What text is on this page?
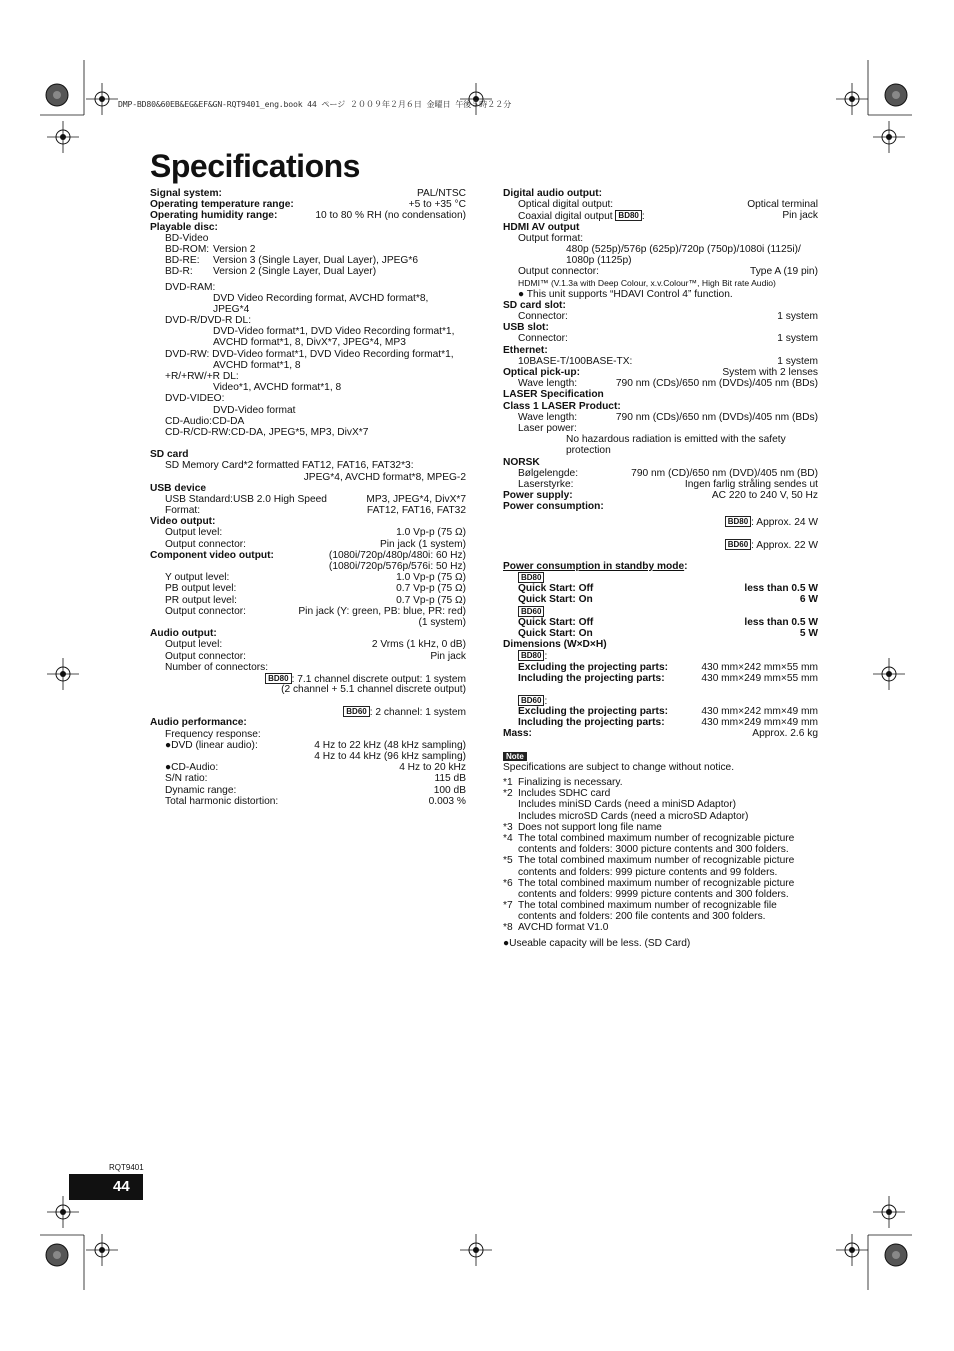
DMP-BD80&60EB&EG&EF&GN-RQT9401_eng.book 44 ページ ２００９年２月６日 金曜日 午後５時２２分
Specifications
Signal system:	PAL/NTSC
Operating temperature range:	+5 to +35 °C
Operating humidity range:	10 to 80 % RH (no condensation)
Playable disc:
BD-Video
BD-ROM: Version 2
BD-RE: Version 3 (Single Layer, Dual Layer), JPEG*6
BD-R: Version 2 (Single Layer, Dual Layer)
DVD-RAM:
DVD Video Recording format, AVCHD format*8,
JPEG*4
DVD-R/DVD-R DL:
DVD-Video format*1, DVD Video Recording format*1,
AVCHD format*1, 8, DivX*7, JPEG*4, MP3
DVD-RW: DVD-Video format*1, DVD Video Recording format*1,
AVCHD format*1, 8
+R/+RW/+R DL:
Video*1, AVCHD format*1, 8
DVD-VIDEO:
DVD-Video format
CD-Audio:CD-DA
CD-R/CD-RW:CD-DA, JPEG*5, MP3, DivX*7
SD card
SD Memory Card*2 formatted FAT12, FAT16, FAT32*3:
JPEG*4, AVCHD format*8, MPEG-2
USB device
USB Standard:USB 2.0 High Speed	MP3, JPEG*4, DivX*7
Format:	FAT12, FAT16, FAT32
Video output:
Output level:	1.0 Vp-p (75 Ω)
Output connector:	Pin jack (1 system)
Component video output:	(1080i/720p/480p/480i: 60 Hz)
(1080i/720p/576p/576i: 50 Hz)
Y output level:	1.0 Vp-p (75 Ω)
PB output level:	0.7 Vp-p (75 Ω)
PR output level:	0.7 Vp-p (75 Ω)
Output connector:	Pin jack (Y: green, PB: blue, PR: red)
(1 system)
Audio output:
Output level:	2 Vrms (1 kHz, 0 dB)
Output connector:	Pin jack
Number of connectors:
BD80 : 7.1 channel discrete output: 1 system
(2 channel + 5.1 channel discrete output)
BD60 : 2 channel: 1 system
Audio performance:
Frequency response:
●DVD (linear audio):	4 Hz to 22 kHz (48 kHz sampling)
4 Hz to 44 kHz (96 kHz sampling)
●CD-Audio:	4 Hz to 20 kHz
S/N ratio:	115 dB
Dynamic range:	100 dB
Total harmonic distortion:	0.003 %
Digital audio output:
Optical digital output:	Optical terminal
Coaxial digital output BD80 :	Pin jack
HDMI AV output
Output format:
480p (525p)/576p (625p)/720p (750p)/1080i (1125i)/
1080p (1125p)
Output connector:	Type A (19 pin)
HDMI™ (V.1.3a with Deep Colour, x.v.Colour™, High Bit rate Audio)
● This unit supports “HDAVI Control 4” function.
SD card slot:
Connector:	1 system
USB slot:
Connector:	1 system
Ethernet:
10BASE-T/100BASE-TX:	1 system
Optical pick-up:	System with 2 lenses
Wave length:	790 nm (CDs)/650 nm (DVDs)/405 nm (BDs)
LASER Specification
Class 1 LASER Product:
Wave length:	790 nm (CDs)/650 nm (DVDs)/405 nm (BDs)
Laser power:
No hazardous radiation is emitted with the safety
protection
NORSK
Bølgelengde:	790 nm (CD)/650 nm (DVD)/405 nm (BD)
Laserstyrke:	Ingen farlig stråling sendes ut
Power supply:	AC 220 to 240 V, 50 Hz
Power consumption:
BD80 : Approx. 24 W
BD60 : Approx. 22 W
Power consumption in standby mode:
BD80
Quick Start: Off	less than 0.5 W
Quick Start: On	6 W
BD60
Quick Start: Off	less than 0.5 W
Quick Start: On	5 W
Dimensions (W×D×H)
BD80 :
Excluding the projecting parts:	430 mm×242 mm×55 mm
Including the projecting parts:	430 mm×249 mm×55 mm
BD60 :
Excluding the projecting parts:	430 mm×242 mm×49 mm
Including the projecting parts:	430 mm×249 mm×49 mm
Mass:	Approx. 2.6 kg
Note
Specifications are subject to change without notice.
*1 Finalizing is necessary.
*2 Includes SDHC card
Includes miniSD Cards (need a miniSD Adaptor)
Includes microSD Cards (need a microSD Adaptor)
*3 Does not support long file name
*4 The total combined maximum number of recognizable picture
contents and folders: 3000 picture contents and 300 folders.
*5 The total combined maximum number of recognizable picture
contents and folders: 999 picture contents and 99 folders.
*6 The total combined maximum number of recognizable picture
contents and folders: 9999 picture contents and 300 folders.
*7 The total combined maximum number of recognizable file
contents and folders: 200 file contents and 300 folders.
*8 AVCHD format V1.0
●Useable capacity will be less. (SD Card)
RQT9401
44
